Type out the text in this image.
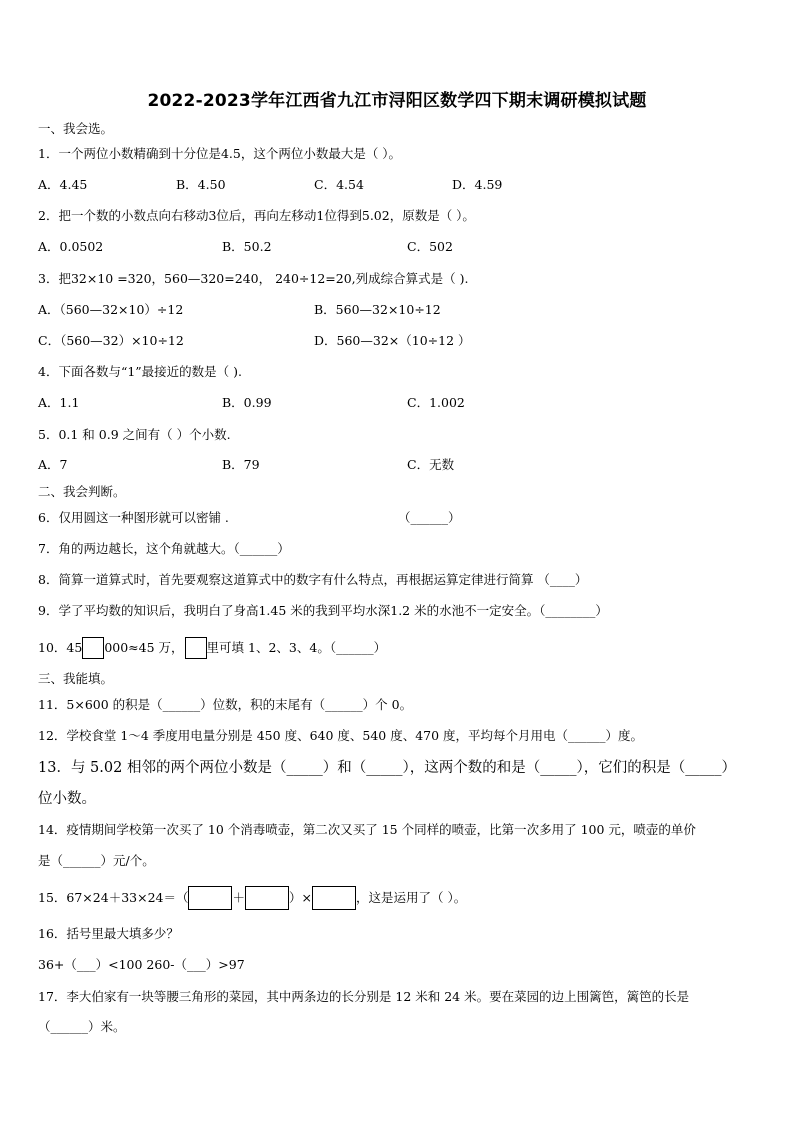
2022-2023学年江西省九江市浔阳区数学四下期末调研模拟试题
一、我会选。
1．一个两位小数精确到十分位是4.5，这个两位小数最大是（ ）。
A．4.45	B．4.50	C．4.54	D．4.59
2．把一个数的小数点向右移动3位后，再向左移动1位得到5.02，原数是（ ）。
A．0.0502	B．50.2	C．502
3．把32×10 =320，560—320=240， 240÷12=20,列成综合算式是（ ).
A．（560—32×10）÷12	B．560—32×10÷12
C．（560—32）×10÷12	D．560—32×（10÷12 ）
4．下面各数与“1”最接近的数是（ ).
A．1.1	B．0.99	C．1.002
5．0.1 和 0.9 之间有（ ）个小数.
A．7	B．79	C．无数
二、我会判断。
6．仅用圆这一种图形就可以密铺 .	（______）
7．角的两边越长，这个角就越大。（______）
8．简算一道算式时，首先要观察这道算式中的数字有什么特点，再根据运算定律进行简算 （____）
9．学了平均数的知识后，我明白了身高1.45 米的我到平均水深1.2 米的水池不一定安全。（________）
10．45 000≈45 万， 里可填 1、2、3、4。（______）
三、我能填。
11．5×600 的积是（______）位数，积的末尾有（______）个 0。
12．学校食堂 1～4 季度用电量分别是 450 度、640 度、540 度、470 度，平均每个月用电（______）度。
13．与 5.02 相邻的两个两位小数是（_____）和（_____），这两个数的和是（_____），它们的积是（_____）
位小数。
14．疫情期间学校第一次买了 10 个消毒喷壶，第二次又买了 15 个同样的喷壶，比第一次多用了 100 元，喷壶的单价
是（______）元/个。
15．67×24＋33×24＝（	＋	）×	，这是运用了（ ）。
16．括号里最大填多少？
36+（___）<100 260-（___）>97
17．李大伯家有一块等腰三角形的菜园，其中两条边的长分别是 12 米和 24 米。要在菜园的边上围篱笆，篱笆的长是
（______）米。
